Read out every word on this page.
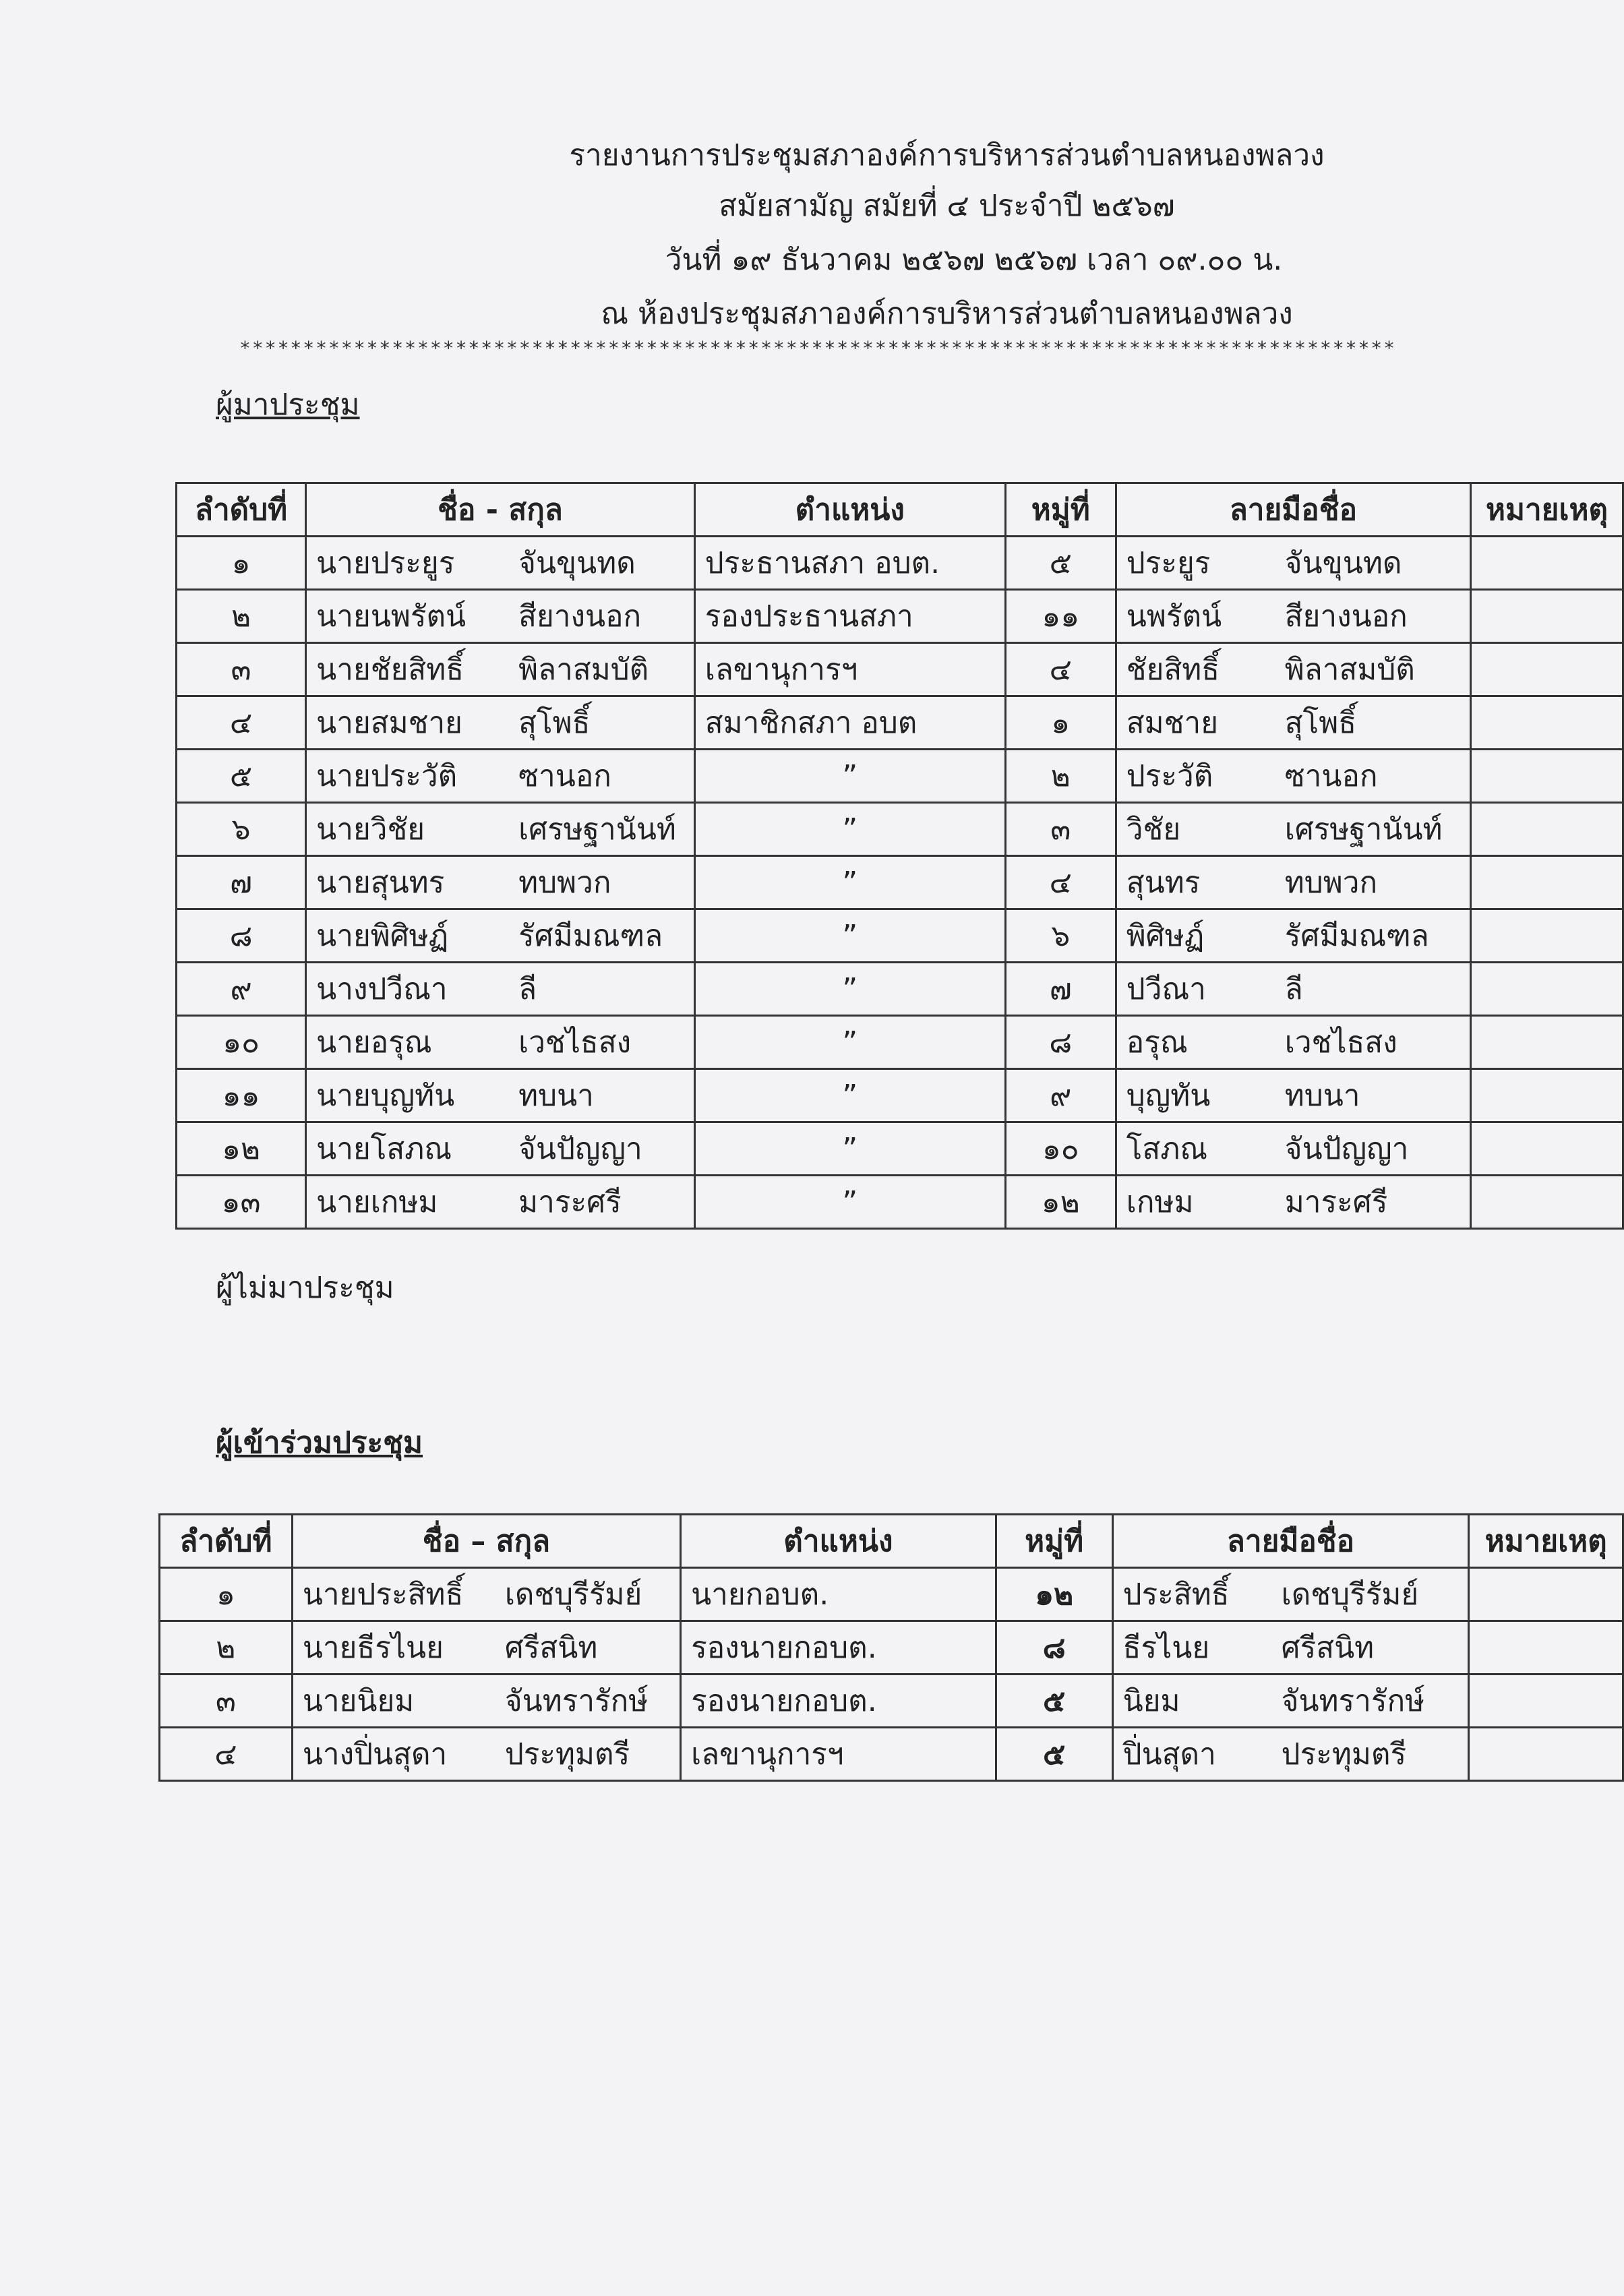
รายงานการประชุมสภาองค์การบริหารส่วนตำบลหนองพลวง
สมัยสามัญ สมัยที่ ๔ ประจำปี ๒๕๖๗
วันที่ ๑๙ ธันวาคม ๒๕๖๗ ๒๕๖๗ เวลา ๐๙.๐๐ น.
ณ ห้องประชุมสภาองค์การบริหารส่วนตำบลหนองพลวง
*******************************************************************************************
ผู้มาประชุม
ลำดับที่	ชื่อ - สกุล	ตำแหน่ง	หมู่ที่	ลายมือชื่อ	หมายเหตุ
๑	นายประยูร จันขุนทด	ประธานสภา อบต.	๕	ประยูร จันขุนทด	
๒	นายนพรัตน์ สียางนอก	รองประธานสภา	๑๑	นพรัตน์ สียางนอก	
๓	นายชัยสิทธิ์ พิลาสมบัติ	เลขานุการฯ	๔	ชัยสิทธิ์ พิลาสมบัติ	
๔	นายสมชาย สุโพธิ์	สมาชิกสภา อบต	๑	สมชาย สุโพธิ์	
๕	นายประวัติ ซานอก	”	๒	ประวัติ ซานอก	
๖	นายวิชัย เศรษฐานันท์	”	๓	วิชัย เศรษฐานันท์	
๗	นายสุนทร ทบพวก	”	๔	สุนทร ทบพวก	
๘	นายพิศิษฏ์ รัศมีมณฑล	”	๖	พิศิษฏ์ รัศมีมณฑล	
๙	นางปวีณา ลี	”	๗	ปวีณา ลี	
๑๐	นายอรุณ เวชไธสง	”	๘	อรุณ เวชไธสง	
๑๑	นายบุญทัน ทบนา	”	๙	บุญทัน ทบนา	
๑๒	นายโสภณ จันปัญญา	”	๑๐	โสภณ จันปัญญา	
๑๓	นายเกษม มาระศรี	”	๑๒	เกษม มาระศรี	
ผู้ไม่มาประชุม
ผู้เข้าร่วมประชุม
ลำดับที่	ชื่อ – สกุล	ตำแหน่ง	หมู่ที่	ลายมือชื่อ	หมายเหตุ
๑	นายประสิทธิ์ เดชบุรีรัมย์	นายกอบต.	๑๒	ประสิทธิ์ เดชบุรีรัมย์	
๒	นายธีรไนย ศรีสนิท	รองนายกอบต.	๘	ธีรไนย ศรีสนิท	
๓	นายนิยม จันทรารักษ์	รองนายกอบต.	๕	นิยม จันทรารักษ์	
๔	นางปิ่นสุดา ประทุมตรี	เลขานุการฯ	๕	ปิ่นสุดา ประทุมตรี	
